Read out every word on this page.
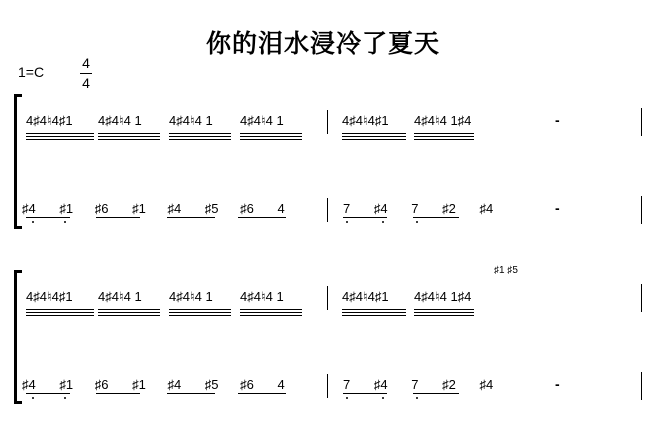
你的泪水浸冷了夏天
1=C
4
4
4♯4♮4♯1 4♯4♮4 1 4♯4♮4 1 4♯4♮4 1	4♯4♮4♯1 4♯4♮4 1♯4	-
♯4 ♯1 ♯6 ♯1 ♯4 ♯5 ♯6 4	7 ♯4 7 ♯2 ♯4	-
4♯4♮4♯1 4♯4♮4 1 4♯4♮4 1 4♯4♮4 1	4♯4♮4♯1 4♯4♮4 1♯4
♯1 ♯5
♯4 ♯1 ♯6 ♯1 ♯4 ♯5 ♯6 4	7 ♯4 7 ♯2 ♯4	-
